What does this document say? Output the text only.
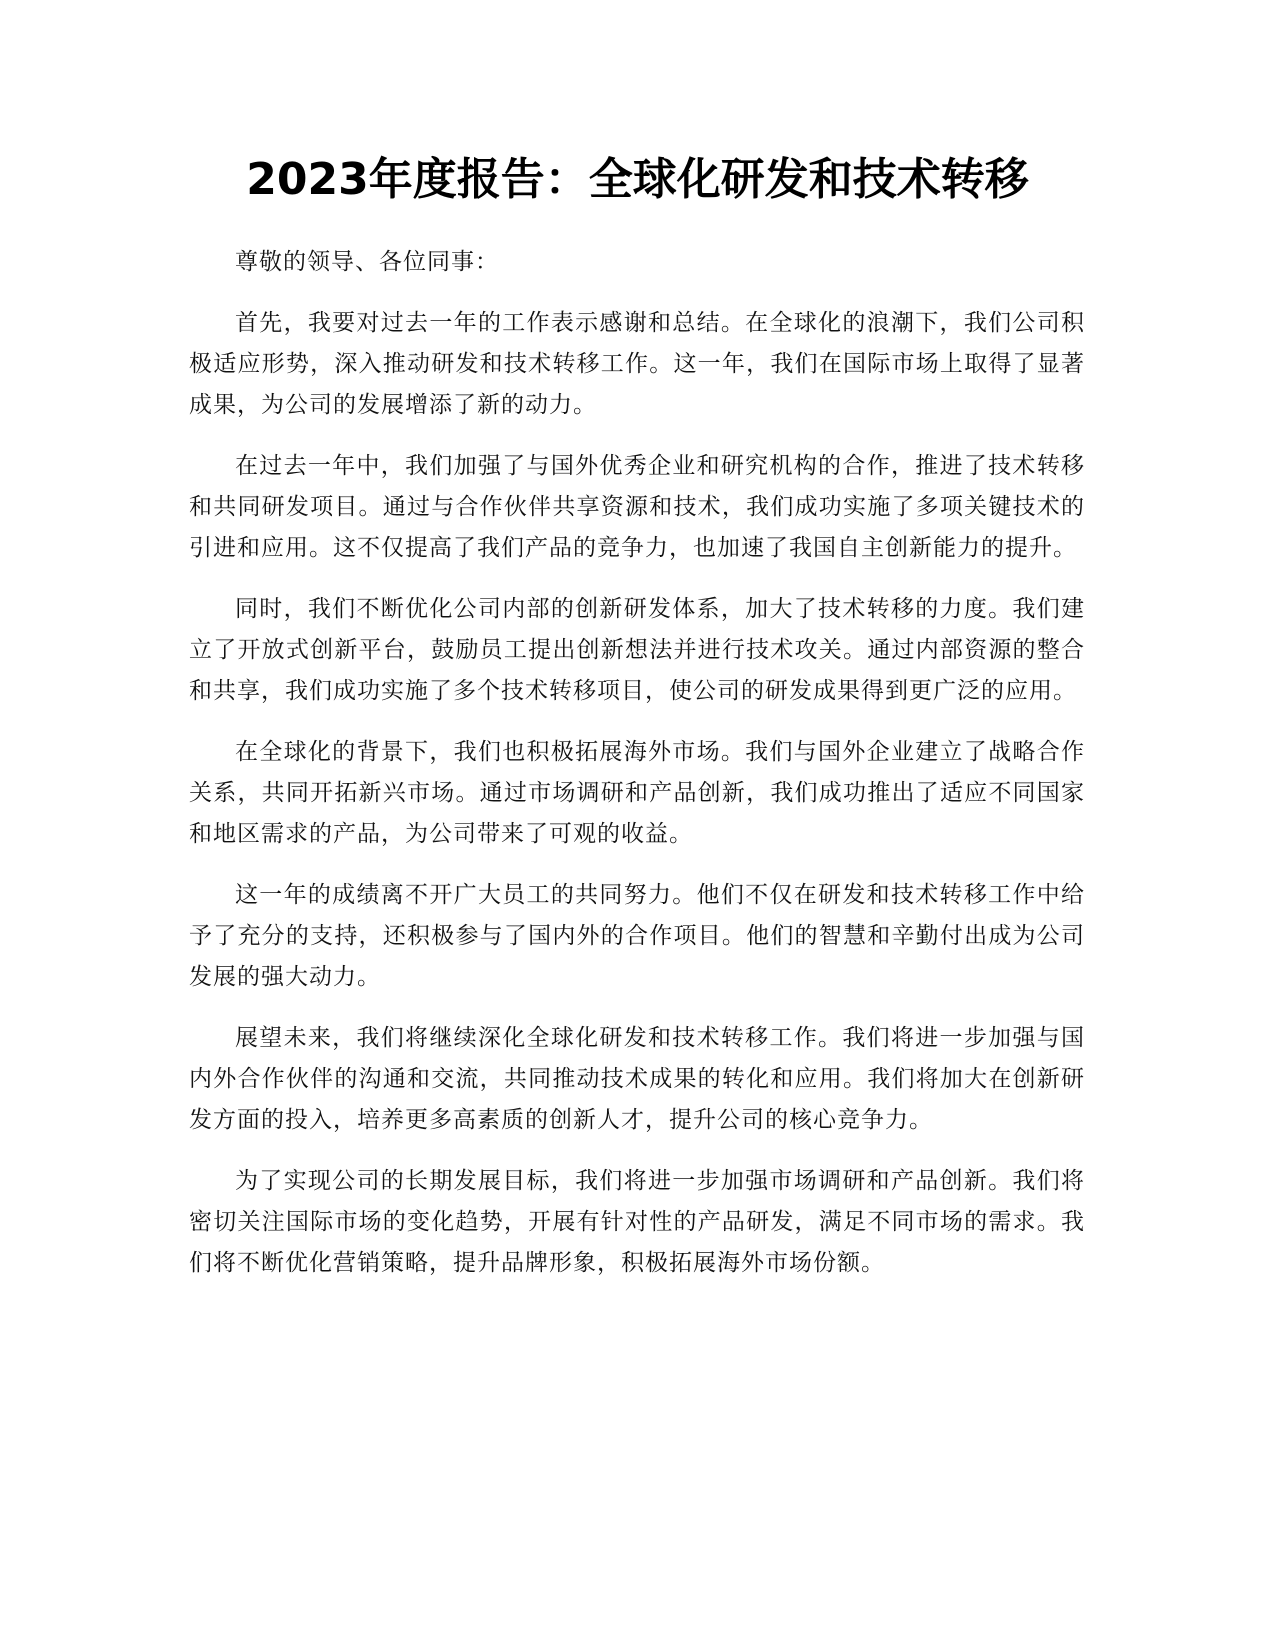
2023年度报告：全球化研发和技术转移

尊敬的领导、各位同事：

首先，我要对过去一年的工作表示感谢和总结。在全球化的浪潮下，我们公司积极适应形势，深入推动研发和技术转移工作。这一年，我们在国际市场上取得了显著成果，为公司的发展增添了新的动力。

在过去一年中，我们加强了与国外优秀企业和研究机构的合作，推进了技术转移和共同研发项目。通过与合作伙伴共享资源和技术，我们成功实施了多项关键技术的引进和应用。这不仅提高了我们产品的竞争力，也加速了我国自主创新能力的提升。

同时，我们不断优化公司内部的创新研发体系，加大了技术转移的力度。我们建立了开放式创新平台，鼓励员工提出创新想法并进行技术攻关。通过内部资源的整合和共享，我们成功实施了多个技术转移项目，使公司的研发成果得到更广泛的应用。

在全球化的背景下，我们也积极拓展海外市场。我们与国外企业建立了战略合作关系，共同开拓新兴市场。通过市场调研和产品创新，我们成功推出了适应不同国家和地区需求的产品，为公司带来了可观的收益。

这一年的成绩离不开广大员工的共同努力。他们不仅在研发和技术转移工作中给予了充分的支持，还积极参与了国内外的合作项目。他们的智慧和辛勤付出成为公司发展的强大动力。

展望未来，我们将继续深化全球化研发和技术转移工作。我们将进一步加强与国内外合作伙伴的沟通和交流，共同推动技术成果的转化和应用。我们将加大在创新研发方面的投入，培养更多高素质的创新人才，提升公司的核心竞争力。

为了实现公司的长期发展目标，我们将进一步加强市场调研和产品创新。我们将密切关注国际市场的变化趋势，开展有针对性的产品研发，满足不同市场的需求。我们将不断优化营销策略，提升品牌形象，积极拓展海外市场份额。
